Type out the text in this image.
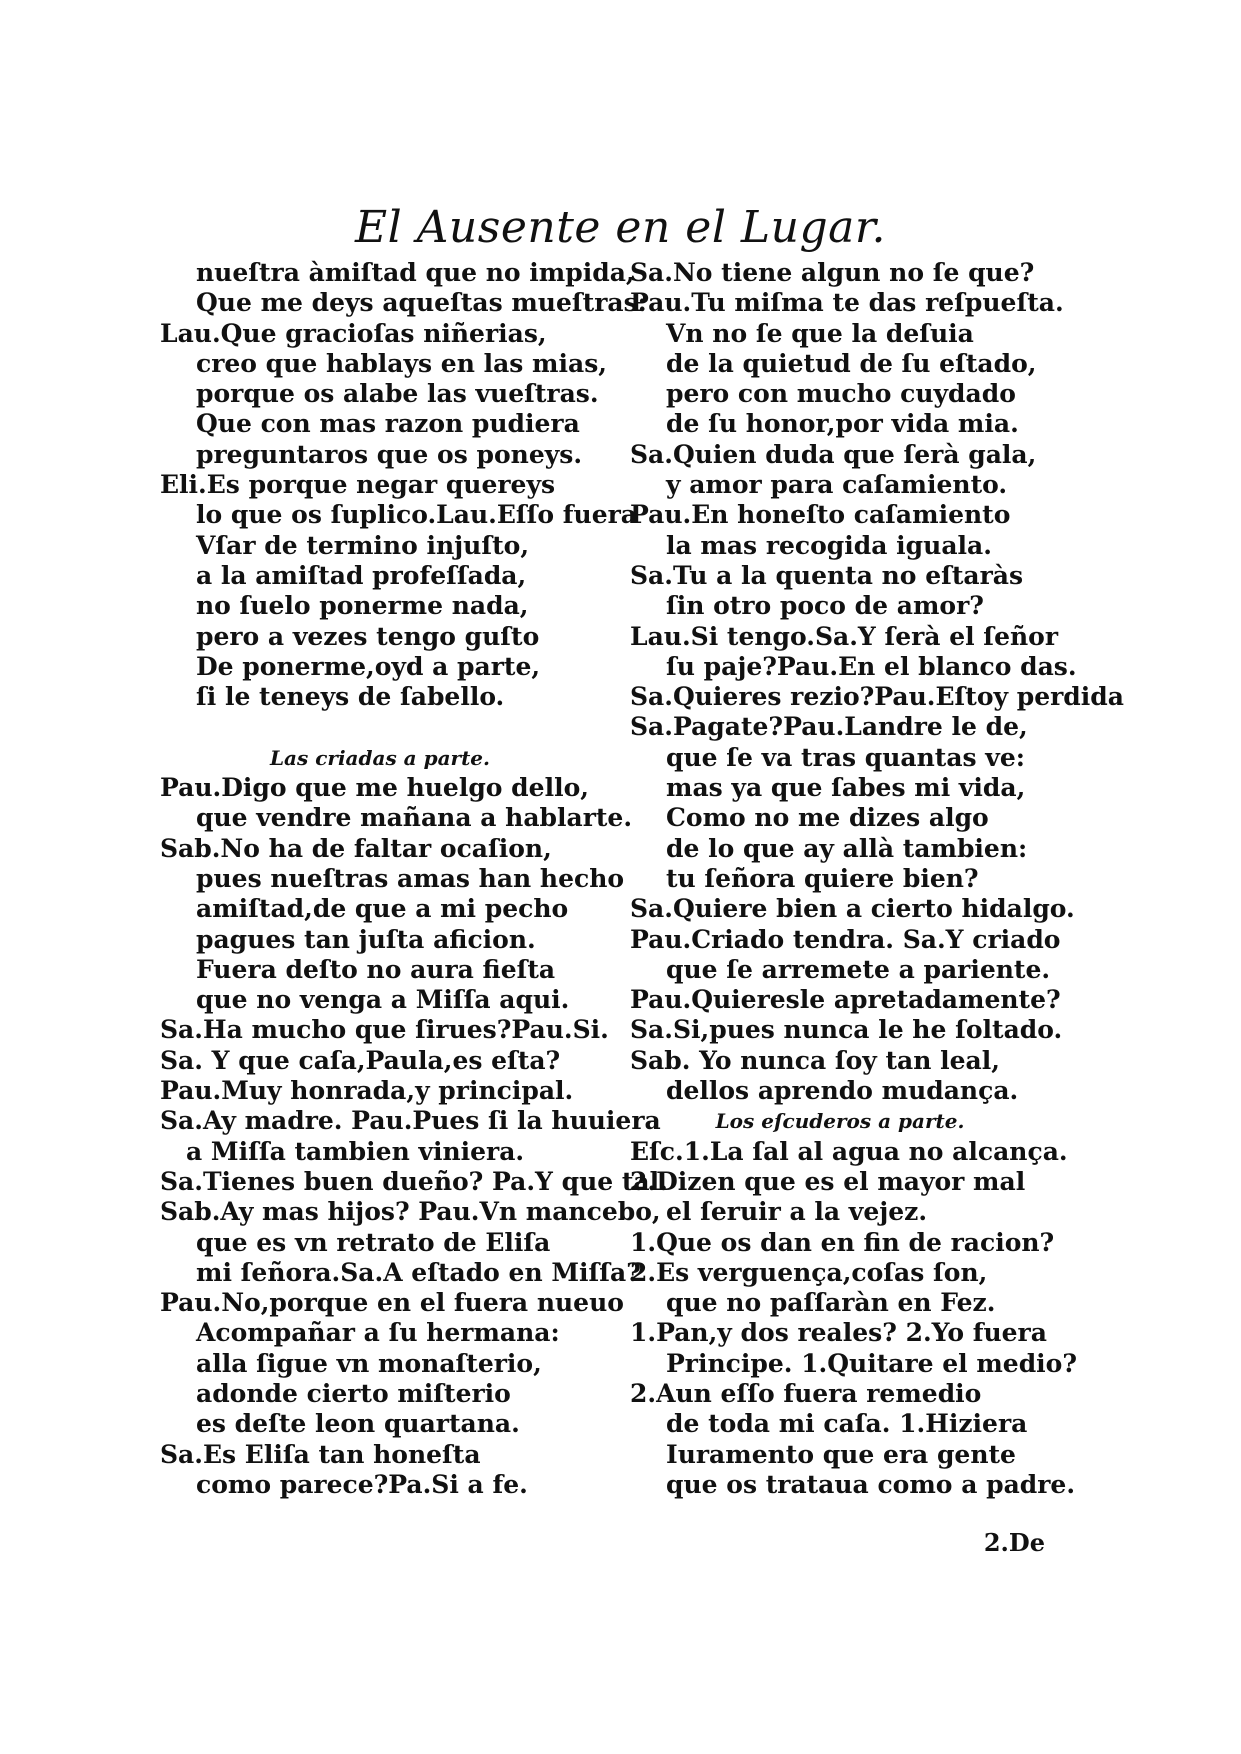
El Ausente en el Lugar.
nueſtra àmiſtad que no impida,
Que me deys aqueſtas mueſtras:
Lau.Que gracioſas niñerias,
creo que hablays en las mias,
porque os alabe las vueſtras.
Que con mas razon pudiera
preguntaros que os poneys.
Eli.Es porque negar quereys
lo que os ſuplico.Lau.Eſſo fuera
Vſar de termino injuſto,
a la amiſtad profeſſada,
no ſuelo ponerme nada,
pero a vezes tengo guſto
De ponerme,oyd a parte,
ſi le teneys de ſabello.
Las criadas a parte.
Pau.Digo que me huelgo dello,
que vendre mañana a hablarte.
Sab.No ha de faltar ocaſion,
pues nueſtras amas han hecho
amiſtad,de que a mi pecho
pagues tan juſta aficion.
Fuera deſto no aura fieſta
que no venga a Miſſa aqui.
Sa.Ha mucho que ſirues?Pau.Si.
Sa. Y que caſa,Paula,es eſta?
Pau.Muy honrada,y principal.
Sa.Ay madre. Pau.Pues ſi la huuiera
a Miſſa tambien viniera.
Sa.Tienes buen dueño? Pa.Y que tal.
Sab.Ay mas hijos? Pau.Vn mancebo,
que es vn retrato de Eliſa
mi ſeñora.Sa.A eſtado en Miſſa?
Pau.No,porque en el fuera nueuo
Acompañar a ſu hermana:
alla ſigue vn monaſterio,
adonde cierto miſterio
es deſte leon quartana.
Sa.Es Eliſa tan honeſta
como parece?Pa.Si a fe.
Sa.No tiene algun no ſe que?
Pau.Tu miſma te das reſpueſta.
Vn no ſe que la deſuia
de la quietud de ſu eſtado,
pero con mucho cuydado
de ſu honor,por vida mia.
Sa.Quien duda que ſerà gala,
y amor para caſamiento.
Pau.En honeſto caſamiento
la mas recogida iguala.
Sa.Tu a la quenta no eſtaràs
ſin otro poco de amor?
Lau.Si tengo.Sa.Y ſerà el ſeñor
ſu paje?Pau.En el blanco das.
Sa.Quieres rezio?Pau.Eſtoy perdida
Sa.Pagate?Pau.Landre le de,
que ſe va tras quantas ve:
mas ya que ſabes mi vida,
Como no me dizes algo
de lo que ay allà tambien:
tu ſeñora quiere bien?
Sa.Quiere bien a cierto hidalgo.
Pau.Criado tendra. Sa.Y criado
que ſe arremete a pariente.
Pau.Quieresle apretadamente?
Sa.Si,pues nunca le he ſoltado.
Sab. Yo nunca ſoy tan leal,
dellos aprendo mudança.
Los eſcuderos a parte.
Eſc.1.La ſal al agua no alcança.
2.Dizen que es el mayor mal
el ſeruir a la vejez.
1.Que os dan en fin de racion?
2.Es verguença,coſas ſon,
que no paſſaràn en Fez.
1.Pan,y dos reales? 2.Yo fuera
Principe. 1.Quitare el medio?
2.Aun eſſo fuera remedio
de toda mi caſa. 1.Hiziera
Iuramento que era gente
que os trataua como a padre.
2.De
